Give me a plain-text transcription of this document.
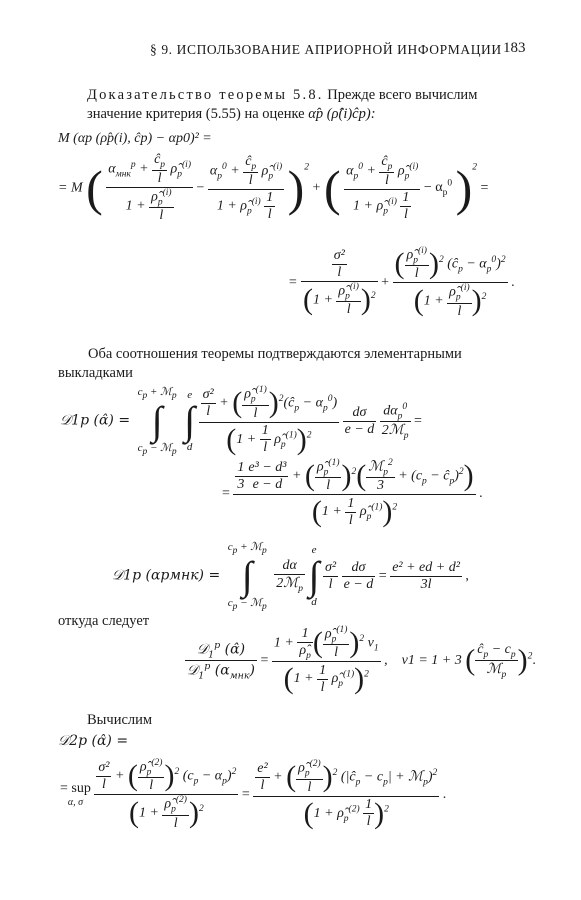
§ 9. ИСПОЛЬЗОВАНИЕ АПРИОРНОЙ ИНФОРМАЦИИ 183
Доказательство теоремы 5.8. Прежде всего вычислим значение критерия (5.55) на оценке α̂p (ρ̂(i)ĉp):
M (αp (ρ̂p(i), ĉp) − αp0)² =
= M ( $\frac{\alpha_{мнк}^p + \frac{ĉ_p}{l} \rhô_p^{(i)}}{1 + \frac{\rhô_p^{(i)}}{l}} - \frac{\alpha_p^0 + \frac{ĉ_p}{l} \rhô_p^{(i)}}{1 + \rhô_p^{(i)} \frac{1}{l}} )^2$ + ( $\frac{\alpha_p^0 + \frac{ĉ_p}{l} \rhô_p^{(i)}}{1 + \rhô_p^{(i)} \frac{1}{l}} - \alpha_p^0$ )$^2$ =
= $\frac{\frac{\text{σ²}}{l}}{(1 + \frac{\rhô_p^{(i)}}{l} )^2} + \frac{( \frac{\rhô_p^{(i)}}{l} )^2 (ĉ_p - \alpha_p^0)^2}{(1 + \frac{\rhô_p^{(i)}}{l} )^2}$ .
Оба соотношения теоремы подтверждаются элементарными выкладками
𝒟1p (α̂) =
$c_p$ + ℳ$_p$
∫
$c_p$ − ℳ$_p$

e
∫
d
$\frac{\frac{\text{σ²}}{l} + ( \frac{\rhô_p^{(1)}}{l} )^2(ĉ_p - \alpha_p^0)}{(1 + \frac{1}{l} \rhô_p^{(1)})^2}$
$\frac{d\sigma}{e - d}$
$\frac{d\alpha_p^0}{2ℳ_p}$ =
= $\frac{\frac{1}{3} \frac{\text{e³ − d³}}{e - d} + ( \frac{\rhô_p^{(1)}}{l} )^2( \frac{ℳ_p^2}{3} + (c_p - ĉ_p)^2)}{(1 + \frac{1}{l} \rhô_p^{(1)})^2}$ .
𝒟1p (αpмнк) =
$c_p$ + ℳ$_p$
∫
$c_p$ − ℳ$_p$

$\frac{d\alpha}{2ℳ_p}$

e
∫
d

$\frac{\text{σ²}}{l}$
$\frac{d\sigma}{e - d} = \frac{\text{e² + ed + d²}}{3l}$ ,
откуда следует
$\frac{𝒟_1^p (\alphâ)}{𝒟_1^p (\alpha_{мнк})} = \frac{1 + \frac{1}{\rhô_p} ( \frac{\rhô_p^{(1)}}{l} )^2 \nu_1}{(1 + \frac{1}{l} \rhô_p^{(1)})^2}$ ,    ν1 = 1 + 3 ( $\frac{ĉ_p - c_p}{ℳ_p} )^2$.
Вычислим
𝒟2p (α̂) =
= sup
α, σ
$\frac{\frac{\text{σ²}}{l} + ( \frac{\rhô_p^{(2)}}{l} )^2 (c_p - \alpha_p)^2}{(1 + \frac{\rhô_p^{(2)}}{l} )^2} = \frac{\frac{\text{e²}}{l} + ( \frac{\rhô_p^{(2)}}{l} )^2 (|ĉ_p - c_p| + ℳ_p)^2}{(1 + \rhô_p^{(2)} \frac{1}{l} )^2}$ .
